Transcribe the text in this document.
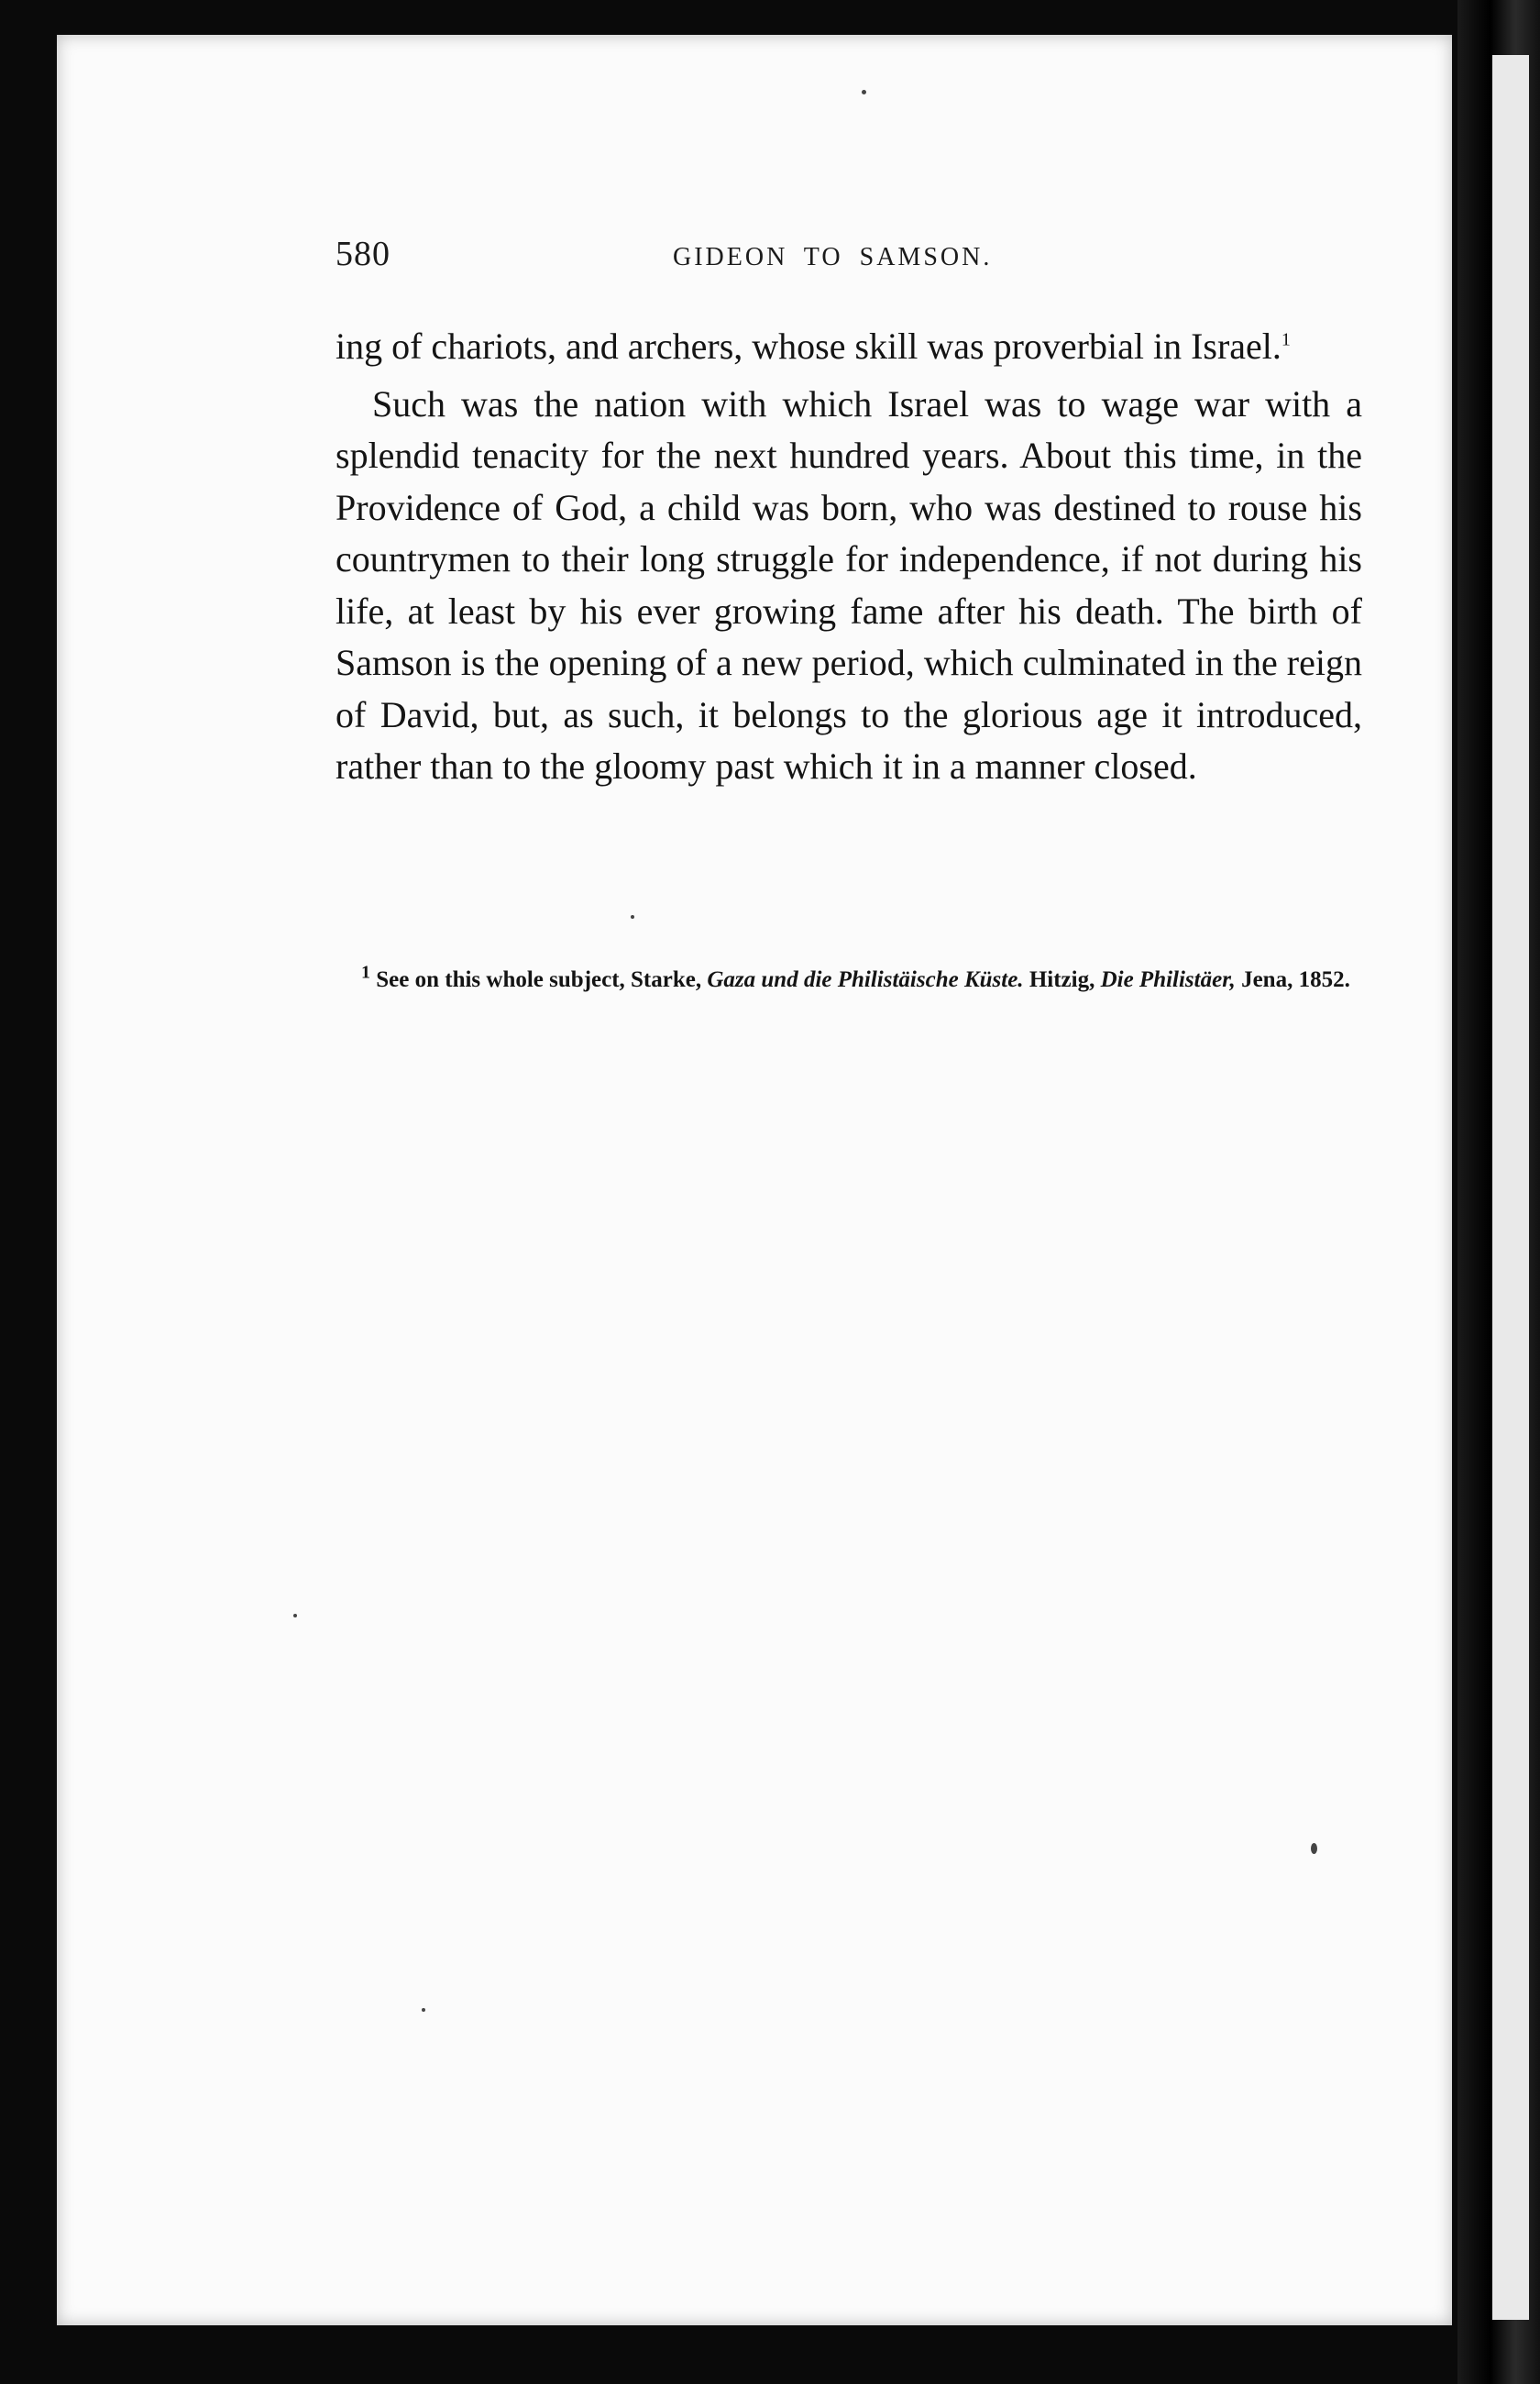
580	GIDEON TO SAMSON.

ing of chariots, and archers, whose skill was proverbial in Israel.$^1$

Such was the nation with which Israel was to wage war with a splendid tenacity for the next hundred years. About this time, in the Providence of God, a child was born, who was destined to rouse his countrymen to their long struggle for independence, if not during his life, at least by his ever growing fame after his death. The birth of Samson is the opening of a new period, which culminated in the reign of David, but, as such, it belongs to the glorious age it introduced, rather than to the gloomy past which it in a manner closed.

$^1$ See on this whole subject, Starke, Gaza und die Philistäische Küste. Hitzig, Die Philistäer, Jena, 1852.
